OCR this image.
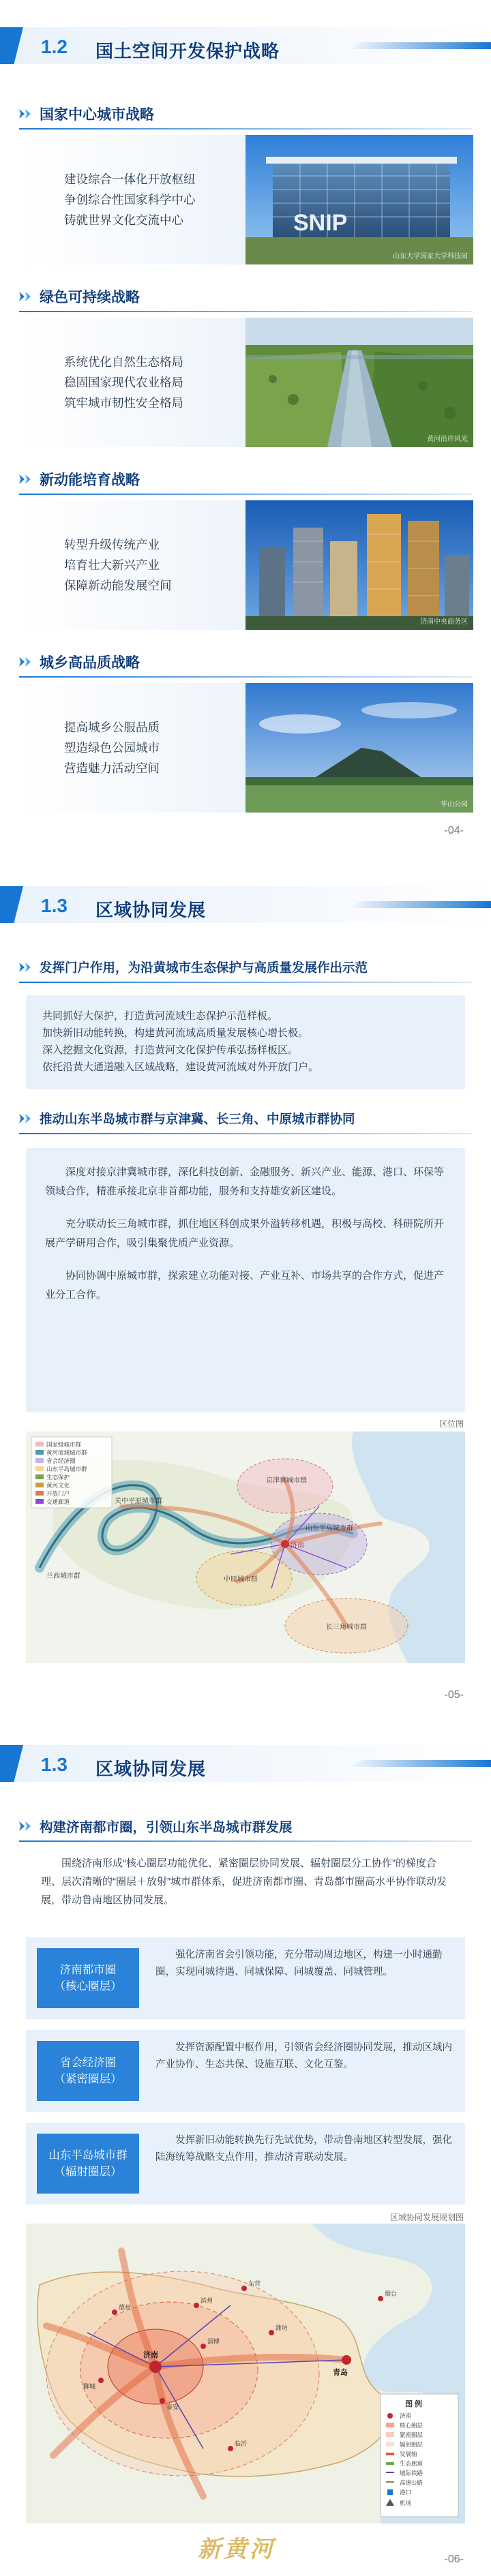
1.2 国土空间开发保护战略
国家中心城市战略
建设综合一体化开放枢纽
争创综合性国家科学中心
铸就世界文化交流中心	SNIP
山东大学国家大学科技园
绿色可持续战略
系统优化自然生态格局
稳固国家现代农业格局
筑牢城市韧性安全格局
黄河沿岸风光
新动能培育战略
转型升级传统产业
培育壮大新兴产业
保障新动能发展空间
济南中央商务区
城乡高品质战略
提高城乡公服品质
塑造绿色公园城市
营造魅力活动空间
华山公园
-04-
1.3 区域协同发展
发挥门户作用，为沿黄城市生态保护与高质量发展作出示范
共同抓好大保护，打造黄河流域生态保护示范样板。
加快新旧动能转换，构建黄河流域高质量发展核心增长极。
深入挖掘文化资源，打造黄河文化保护传承弘扬样板区。
依托沿黄大通道融入区域战略，建设黄河流域对外开放门户。
推动山东半岛城市群与京津冀、长三角、中原城市群协同

深度对接京津冀城市群，深化科技创新、金融服务、新兴产业、能源、港口、环保等领域合作，精准承接北京非首都功能，服务和支持雄安新区建设。

充分联动长三角城市群，抓住地区科创成果外溢转移机遇，积极与高校、科研院所开展产学研用合作，吸引集聚优质产业资源。

协同协调中原城市群，探索建立功能对接、产业互补、市场共享的合作方式，促进产业分工合作。

区位图
京津冀城市群
中原城市群
长三角城市群
济南
山东半岛城市群
关中平原城市群
兰西城市群
国家级城市群
黄河流域城市群
省会经济圈
山东半岛城市群
生态保护
黄河文化
开放门户
交通廊道
-05-
1.3 区域协同发展
构建济南都市圈，引领山东半岛城市群发展

围绕济南形成“核心圈层功能优化、紧密圈层协同发展、辐射圈层分工协作”的梯度合理、层次清晰的“圈层＋放射”城市群体系，促进济南都市圈、青岛都市圈高水平协作联动发展，带动鲁南地区协同发展。

济南都市圈
（核心圈层）

强化济南省会引领功能，充分带动周边地区，构建一小时通勤圈，实现同城待遇、同城保障、同城覆盖、同城管理。

省会经济圈
（紧密圈层）

发挥资源配置中枢作用，引领省会经济圈协同发展，推动区域内产业协作、生态共保、设施互联、文化互鉴。

山东半岛城市群
（辐射圈层）

发挥新旧动能转换先行先试优势，带动鲁南地区转型发展，强化陆海统筹战略支点作用，推动济青联动发展。

区域协同发展规划图
济南
青岛
烟台
潍坊
临沂
淄博
泰安
德州
聊城
滨州
东营
图 例
济南
核心圈层
紧密圈层
辐射圈层
发展轴
生态廊道
城际铁路
高速公路
港口
机场
新黄河	-06-
